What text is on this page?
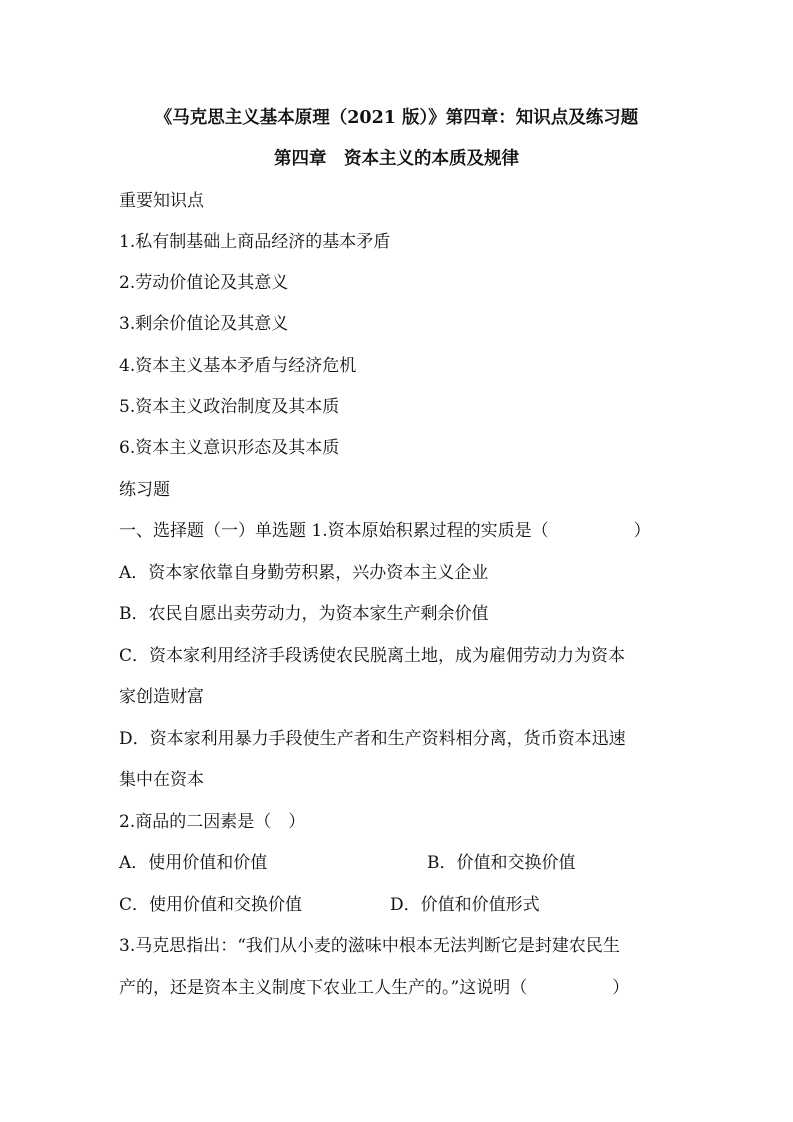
《马克思主义基本原理（2021 版）》第四章：知识点及练习题
第四章　资本主义的本质及规律
重要知识点
1.私有制基础上商品经济的基本矛盾
2.劳动价值论及其意义
3.剩余价值论及其意义
4.资本主义基本矛盾与经济危机
5.资本主义政治制度及其本质
6.资本主义意识形态及其本质
练习题
一、选择题（一）单选题 1.资本原始积累过程的实质是（　　　　　）
A．资本家依靠自身勤劳积累，兴办资本主义企业
B．农民自愿出卖劳动力，为资本家生产剩余价值
C．资本家利用经济手段诱使农民脱离土地，成为雇佣劳动力为资本
家创造财富
D．资本家利用暴力手段使生产者和生产资料相分离，货币资本迅速
集中在资本
2.商品的二因素是（　）
A．使用价值和价值	B．价值和交换价值
C．使用价值和交换价值	D．价值和价值形式
3.马克思指出：“我们从小麦的滋味中根本无法判断它是封建农民生
产的，还是资本主义制度下农业工人生产的。”这说明（　　　　　）
